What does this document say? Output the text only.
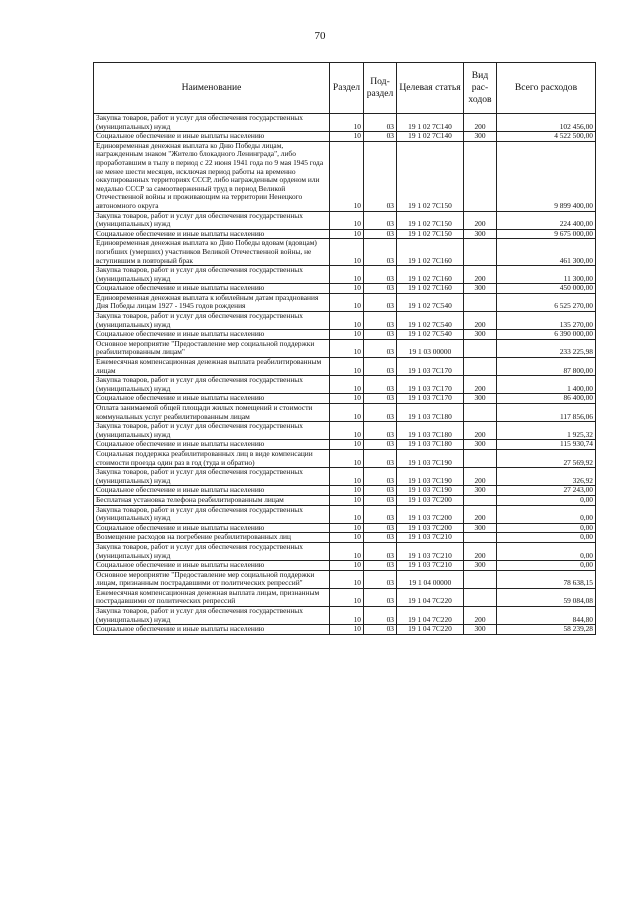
70
Наименование	Раздел	Под-раздел	Целевая статья	Вид рас-ходов	Всего расходов
Закупка товаров, работ и услуг для обеспечения государственных (муниципальных) нужд	10	03	19 1 02 7С140	200	102 456,00
Социальное обеспечение и иные выплаты населению	10	03	19 1 02 7С140	300	4 522 500,00
Единовременная денежная выплата ко Дню Победы лицам, награжденным знаком "Жителю блокадного Ленинграда", либо проработавшим в тылу в период с 22 июня 1941 года по 9 мая 1945 года не менее шести месяцев, исключая период работы на временно оккупированных территориях СССР, либо награжденным орденом или медалью СССР за самоотверженный труд в период Великой Отечественной войны и проживающим на территории Ненецкого автономного округа	10	03	19 1 02 7С150		9 899 400,00
Закупка товаров, работ и услуг для обеспечения государственных (муниципальных) нужд	10	03	19 1 02 7С150	200	224 400,00
Социальное обеспечение и иные выплаты населению	10	03	19 1 02 7С150	300	9 675 000,00
Единовременная денежная выплата ко Дню Победы вдовам (вдовцам) погибших (умерших) участников Великой Отечественной войны, не вступившим в повторный брак	10	03	19 1 02 7С160		461 300,00
Закупка товаров, работ и услуг для обеспечения государственных (муниципальных) нужд	10	03	19 1 02 7С160	200	11 300,00
Социальное обеспечение и иные выплаты населению	10	03	19 1 02 7С160	300	450 000,00
Единовременная денежная выплата к юбилейным датам празднования Дня Победы лицам 1927 - 1945 годов рождения	10	03	19 1 02 7С540		6 525 270,00
Закупка товаров, работ и услуг для обеспечения государственных (муниципальных) нужд	10	03	19 1 02 7С540	200	135 270,00
Социальное обеспечение и иные выплаты населению	10	03	19 1 02 7С540	300	6 390 000,00
Основное мероприятие "Предоставление мер социальной поддержки реабилитированным лицам"	10	03	19 1 03 00000		233 225,98
Ежемесячная компенсационная денежная выплата реабилитированным лицам	10	03	19 1 03 7С170		87 800,00
Закупка товаров, работ и услуг для обеспечения государственных (муниципальных) нужд	10	03	19 1 03 7С170	200	1 400,00
Социальное обеспечение и иные выплаты населению	10	03	19 1 03 7С170	300	86 400,00
Оплата занимаемой общей площади жилых помещений и стоимости коммунальных услуг реабилитированным лицам	10	03	19 1 03 7С180		117 856,06
Закупка товаров, работ и услуг для обеспечения государственных (муниципальных) нужд	10	03	19 1 03 7С180	200	1 925,32
Социальное обеспечение и иные выплаты населению	10	03	19 1 03 7С180	300	115 930,74
Социальная поддержка реабилитированных лиц в виде компенсации стоимости проезда один раз в год (туда и обратно)	10	03	19 1 03 7С190		27 569,92
Закупка товаров, работ и услуг для обеспечения государственных (муниципальных) нужд	10	03	19 1 03 7С190	200	326,92
Социальное обеспечение и иные выплаты населению	10	03	19 1 03 7С190	300	27 243,00
Бесплатная установка телефона реабилитированным лицам	10	03	19 1 03 7С200		0,00
Закупка товаров, работ и услуг для обеспечения государственных (муниципальных) нужд	10	03	19 1 03 7С200	200	0,00
Социальное обеспечение и иные выплаты населению	10	03	19 1 03 7С200	300	0,00
Возмещение расходов на погребение реабилитированных лиц	10	03	19 1 03 7С210		0,00
Закупка товаров, работ и услуг для обеспечения государственных (муниципальных) нужд	10	03	19 1 03 7С210	200	0,00
Социальное обеспечение и иные выплаты населению	10	03	19 1 03 7С210	300	0,00
Основное мероприятие "Предоставление мер социальной поддержки лицам, признанным пострадавшими от политических репрессий"	10	03	19 1 04 00000		78 638,15
Ежемесячная компенсационная денежная выплата лицам, признанным пострадавшими от политических репрессий	10	03	19 1 04 7С220		59 084,08
Закупка товаров, работ и услуг для обеспечения государственных (муниципальных) нужд	10	03	19 1 04 7С220	200	844,80
Социальное обеспечение и иные выплаты населению	10	03	19 1 04 7С220	300	58 239,28
